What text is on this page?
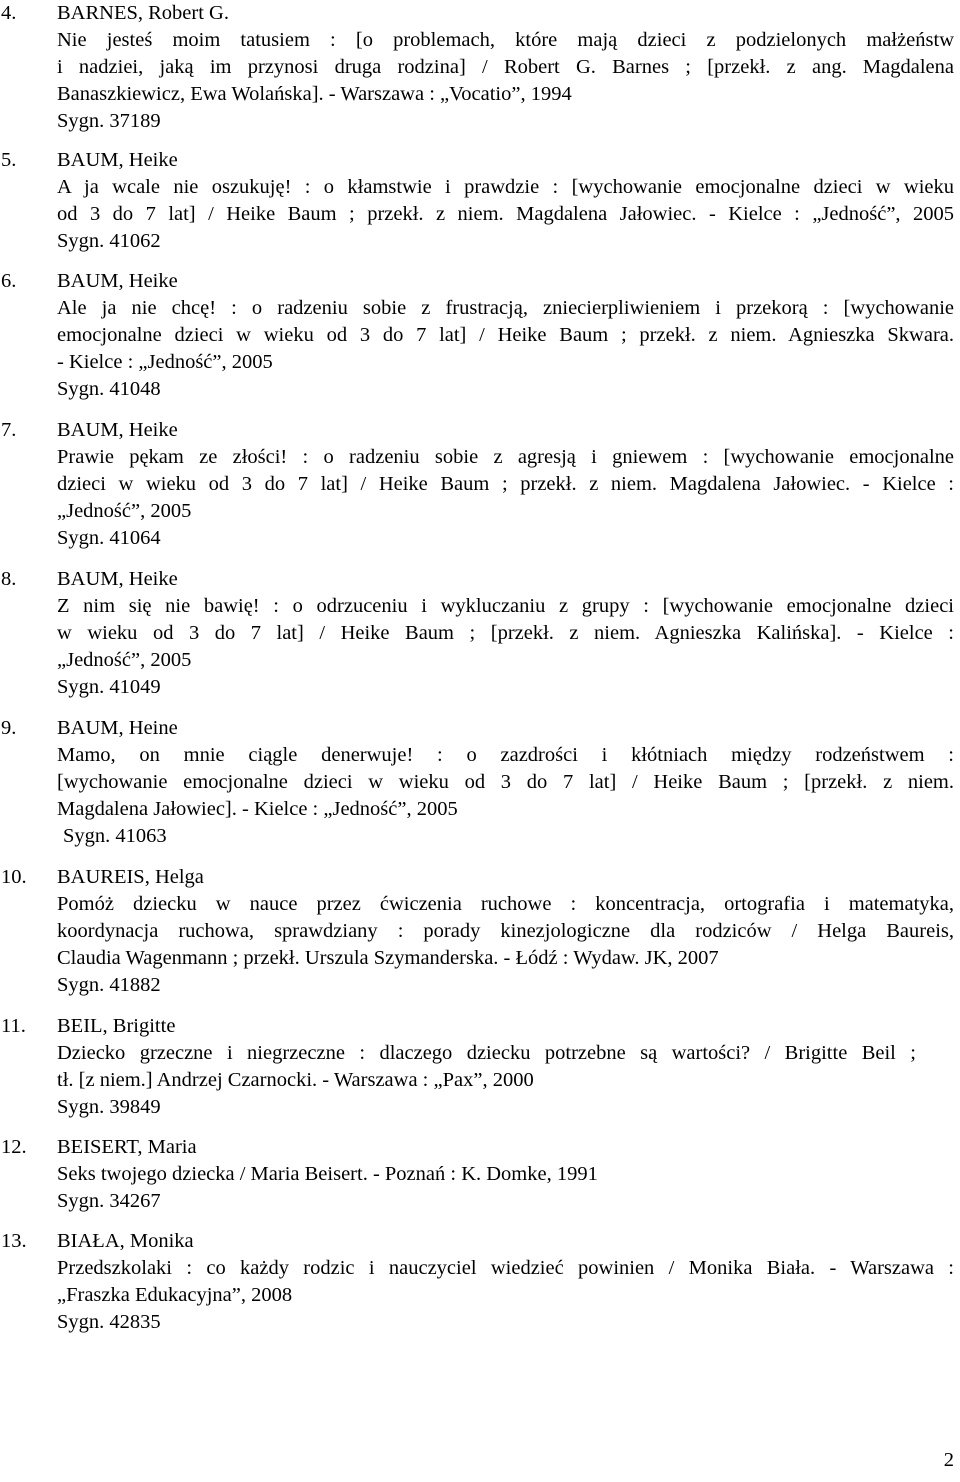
4. BARNES, Robert G.
Nie jesteś moim tatusiem : [o problemach, które mają dzieci z podzielonych małżeństw
i nadziei, jaką im przynosi druga rodzina] / Robert G. Barnes ; [przekł. z ang. Magdalena
Banaszkiewicz, Ewa Wolańska]. - Warszawa : „Vocatio”, 1994
Sygn. 37189
5. BAUM, Heike
A ja wcale nie oszukuję! : o kłamstwie i prawdzie : [wychowanie emocjonalne dzieci w wieku
od 3 do 7 lat] / Heike Baum ; przekł. z niem. Magdalena Jałowiec. - Kielce : „Jedność”, 2005
Sygn. 41062
6. BAUM, Heike
Ale ja nie chcę! : o radzeniu sobie z frustracją, zniecierpliwieniem i przekorą : [wychowanie
emocjonalne dzieci w wieku od 3 do 7 lat] / Heike Baum ; przekł. z niem. Agnieszka Skwara.
- Kielce : „Jedność”, 2005
Sygn. 41048
7. BAUM, Heike
Prawie pękam ze złości! : o radzeniu sobie z agresją i gniewem : [wychowanie emocjonalne
dzieci w wieku od 3 do 7 lat] / Heike Baum ; przekł. z niem. Magdalena Jałowiec. - Kielce :
„Jedność”, 2005
Sygn. 41064
8. BAUM, Heike
Z nim się nie bawię! : o odrzuceniu i wykluczaniu z grupy : [wychowanie emocjonalne dzieci
w wieku od 3 do 7 lat] / Heike Baum ; [przekł. z niem. Agnieszka Kalińska]. - Kielce :
„Jedność”, 2005
Sygn. 41049
9. BAUM, Heine
Mamo, on mnie ciągle denerwuje! : o zazdrości i kłótniach między rodzeństwem :
[wychowanie emocjonalne dzieci w wieku od 3 do 7 lat] / Heike Baum ; [przekł. z niem.
Magdalena Jałowiec]. - Kielce : „Jedność”, 2005
Sygn. 41063
10. BAUREIS, Helga
Pomóż dziecku w nauce przez ćwiczenia ruchowe : koncentracja, ortografia i matematyka,
koordynacja ruchowa, sprawdziany : porady kinezjologiczne dla rodziców / Helga Baureis,
Claudia Wagenmann ; przekł. Urszula Szymanderska. - Łódź : Wydaw. JK, 2007
Sygn. 41882
11. BEIL, Brigitte
Dziecko grzeczne i niegrzeczne : dlaczego dziecku potrzebne są wartości? / Brigitte Beil ;
tł. [z niem.] Andrzej Czarnocki. - Warszawa : „Pax”, 2000
Sygn. 39849
12. BEISERT, Maria
Seks twojego dziecka / Maria Beisert. - Poznań : K. Domke, 1991
Sygn. 34267
13. BIAŁA, Monika
Przedszkolaki : co każdy rodzic i nauczyciel wiedzieć powinien / Monika Biała. - Warszawa :
„Fraszka Edukacyjna”, 2008
Sygn. 42835
2
